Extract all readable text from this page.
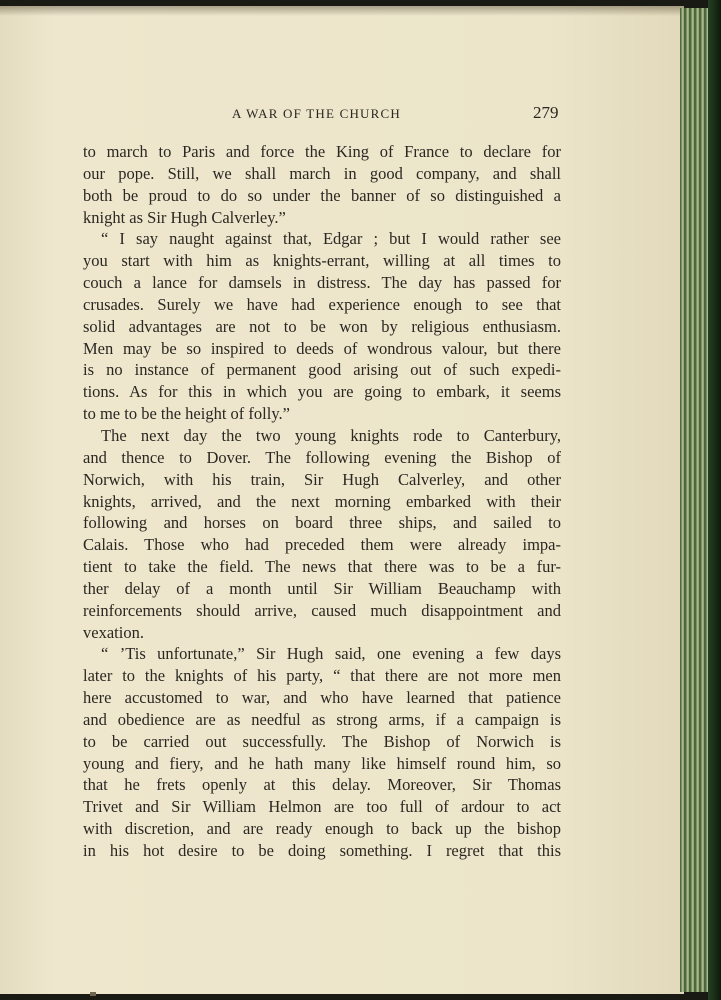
A WAR OF THE CHURCH	279
to march to Paris and force the King of France to declare for
our pope. Still, we shall march in good company, and shall
both be proud to do so under the banner of so distinguished a
knight as Sir Hugh Calverley.”
“ I say naught against that, Edgar ; but I would rather see
you start with him as knights-errant, willing at all times to
couch a lance for damsels in distress. The day has passed for
crusades. Surely we have had experience enough to see that
solid advantages are not to be won by religious enthusiasm.
Men may be so inspired to deeds of wondrous valour, but there
is no instance of permanent good arising out of such expedi-
tions. As for this in which you are going to embark, it seems
to me to be the height of folly.”
The next day the two young knights rode to Canterbury,
and thence to Dover. The following evening the Bishop of
Norwich, with his train, Sir Hugh Calverley, and other
knights, arrived, and the next morning embarked with their
following and horses on board three ships, and sailed to
Calais. Those who had preceded them were already impa-
tient to take the field. The news that there was to be a fur-
ther delay of a month until Sir William Beauchamp with
reinforcements should arrive, caused much disappointment and
vexation.
“ ’Tis unfortunate,” Sir Hugh said, one evening a few days
later to the knights of his party, “ that there are not more men
here accustomed to war, and who have learned that patience
and obedience are as needful as strong arms, if a campaign is
to be carried out successfully. The Bishop of Norwich is
young and fiery, and he hath many like himself round him, so
that he frets openly at this delay. Moreover, Sir Thomas
Trivet and Sir William Helmon are too full of ardour to act
with discretion, and are ready enough to back up the bishop
in his hot desire to be doing something. I regret that this
